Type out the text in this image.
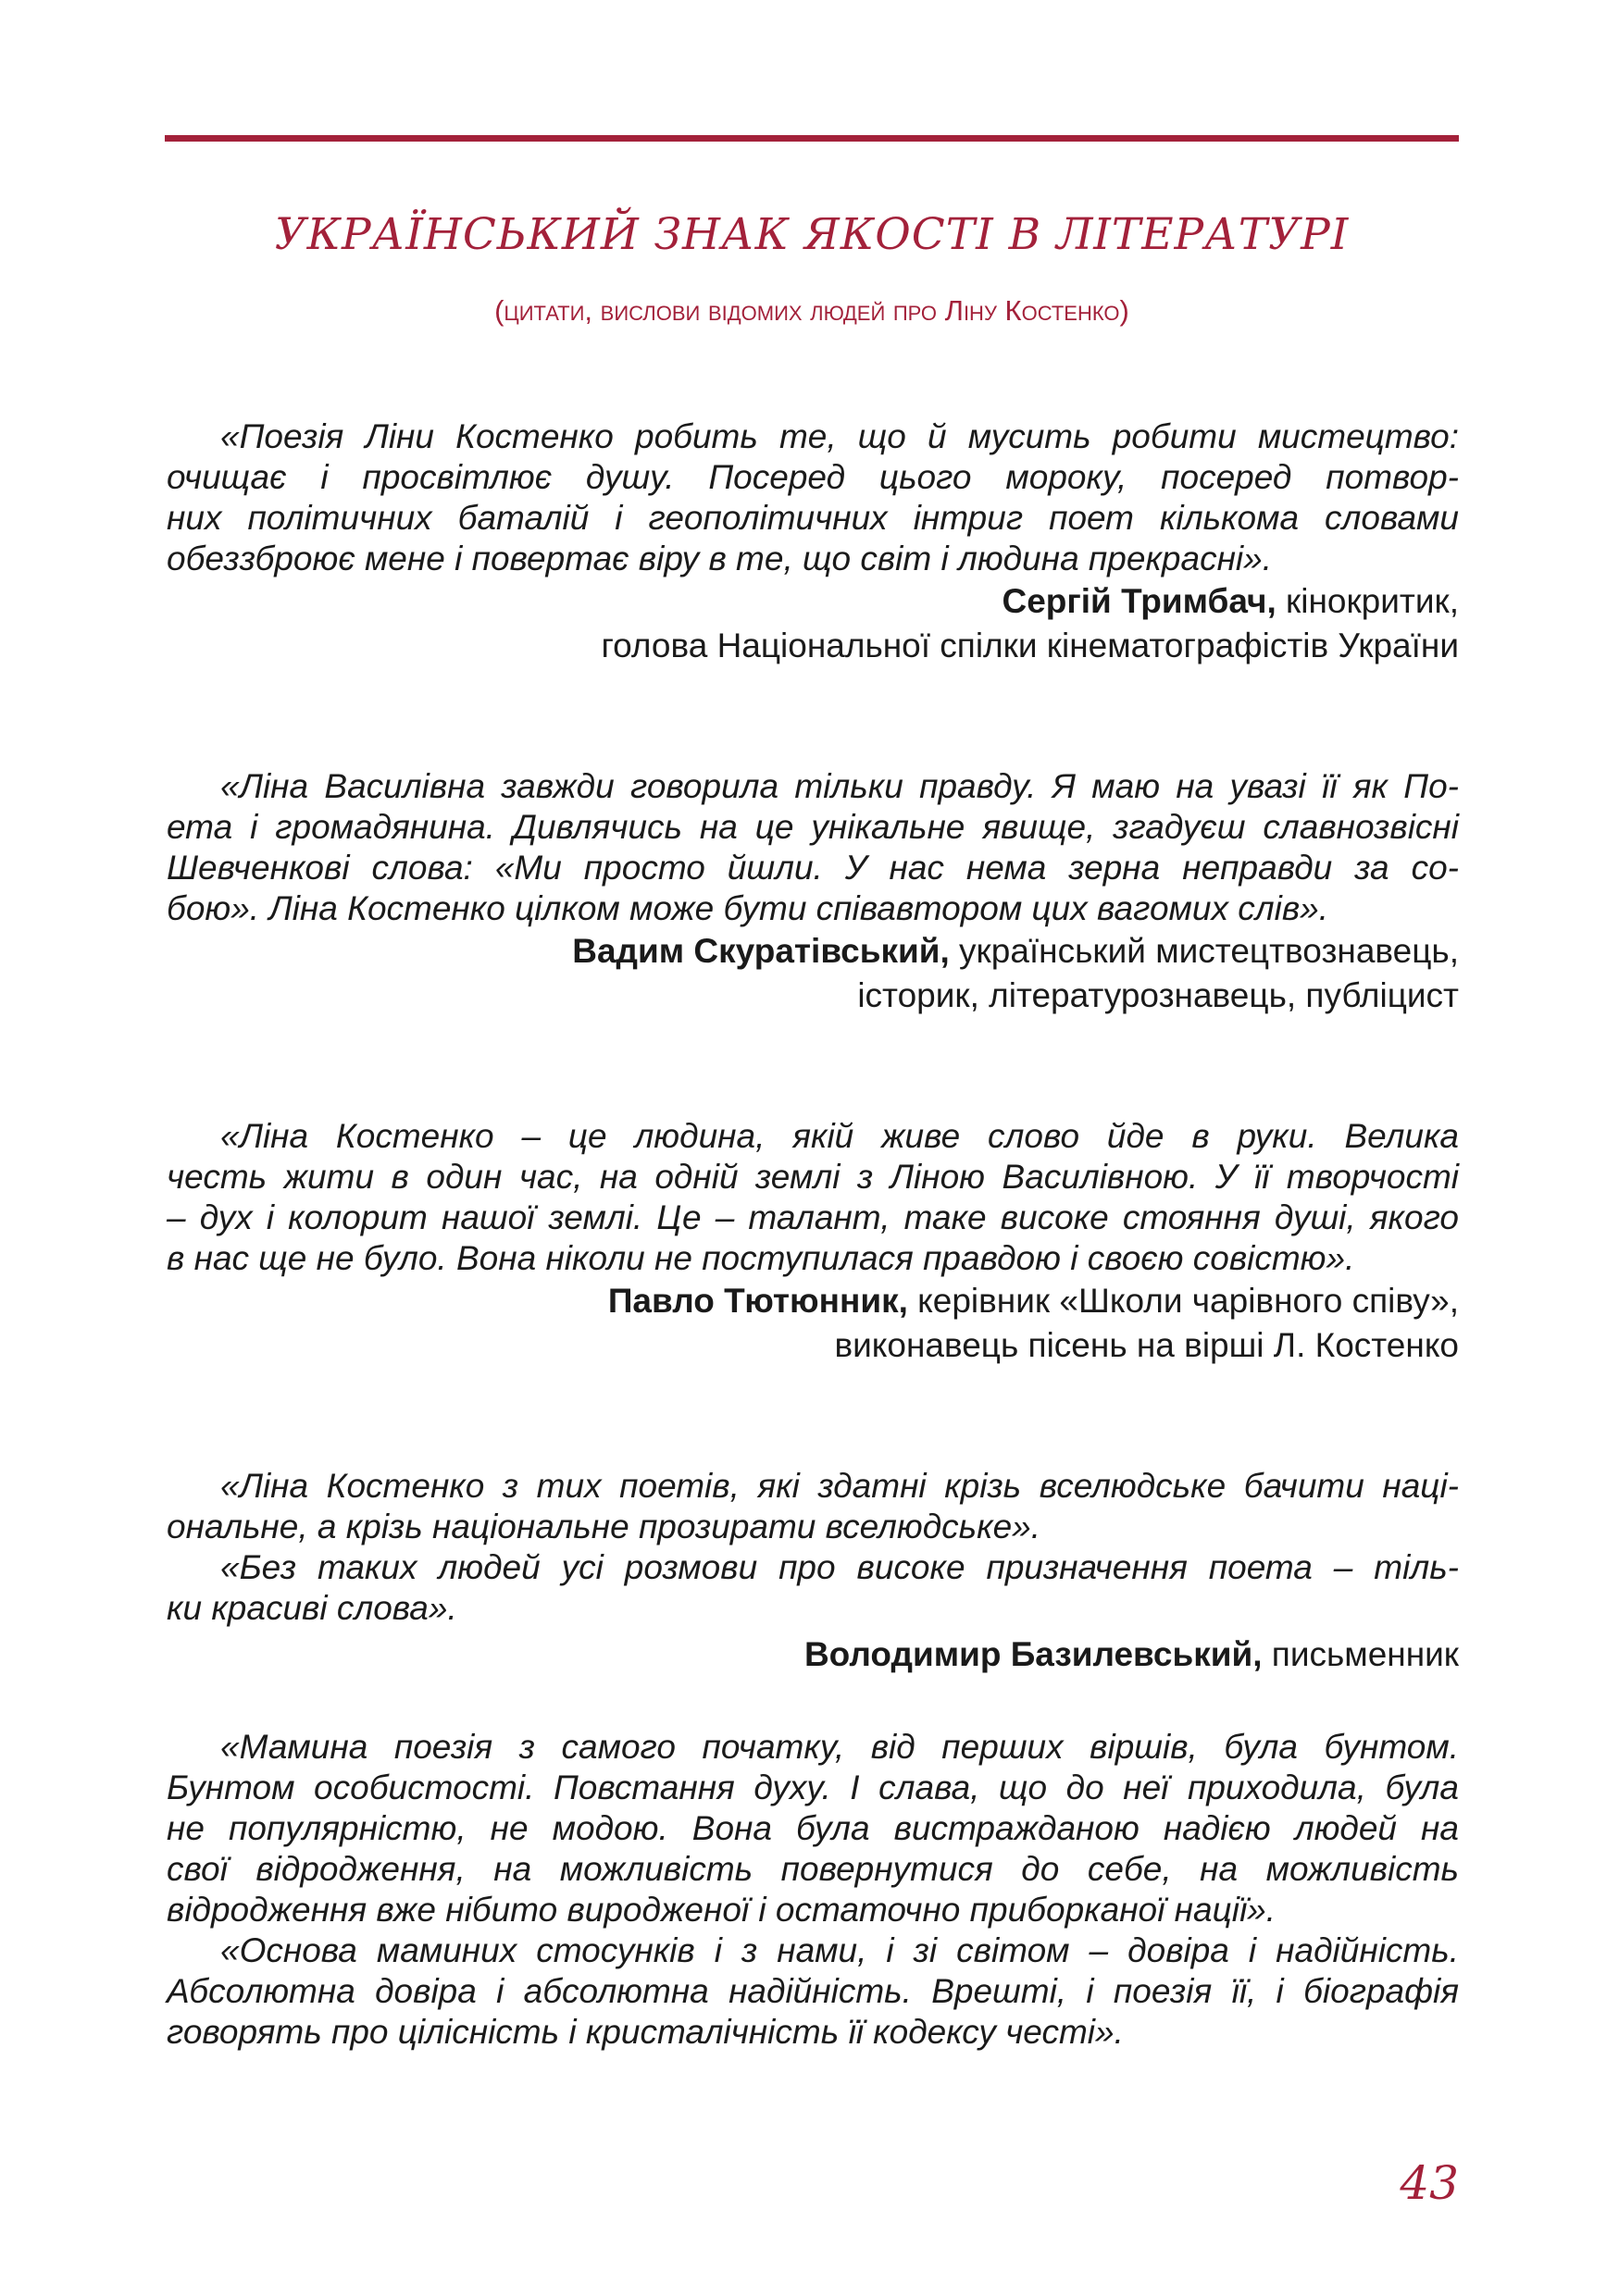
УКРАЇНСЬКИЙ ЗНАК ЯКОСТІ В ЛІТЕРАТУРІ

(цитати, вислови відомих людей про Ліну Костенко)

«Поезія Ліни Костенко робить те, що й мусить робити мистецтво:
очищає і просвітлює душу. Посеред цього мороку, посеред потвор-
них політичних баталій і геополітичних інтриг поет кількома словами
обеззброює мене і повертає віру в те, що світ і людина прекрасні».

Сергій Тримбач, кінокритик,

голова Національної спілки кінематографістів України

«Ліна Василівна завжди говорила тільки правду. Я маю на увазі її як По-
ета і громадянина. Дивлячись на це унікальне явище, згадуєш славнозвісні
Шевченкові слова: «Ми просто йшли. У нас нема зерна неправди за со-
бою». Ліна Костенко цілком може бути співавтором цих вагомих слів».

Вадим Скуратівський, український мистецтвознавець,

історик, літературознавець, публіцист

«Ліна Костенко – це людина, якій живе слово йде в руки. Велика
честь жити в один час, на одній землі з Ліною Василівною. У її творчості
– дух і колорит нашої землі. Це – талант, таке високе стояння душі, якого
в нас ще не було. Вона ніколи не поступилася правдою і своєю совістю».

Павло Тютюнник, керівник «Школи чарівного співу»,

виконавець пісень на вірші Л. Костенко

«Ліна Костенко з тих поетів, які здатні крізь вселюдське бачити наці-
ональне, а крізь національне прозирати вселюдське».
«Без таких людей усі розмови про високе призначення поета – тіль-
ки красиві слова».

Володимир Базилевський, письменник

«Мамина поезія з самого початку, від перших віршів, була бунтом.
Бунтом особистості. Повстання духу. І слава, що до неї приходила, була
не популярністю, не модою. Вона була вистражданою надією людей на
свої відродження, на можливість повернутися до себе, на можливість
відродження вже нібито виродженої і остаточно приборканої нації».
«Основа маминих стосунків і з нами, і зі світом – довіра і надійність.
Абсолютна довіра і абсолютна надійність. Врешті, і поезія її, і біографія
говорять про цілісність і кристалічність її кодексу честі».

43
